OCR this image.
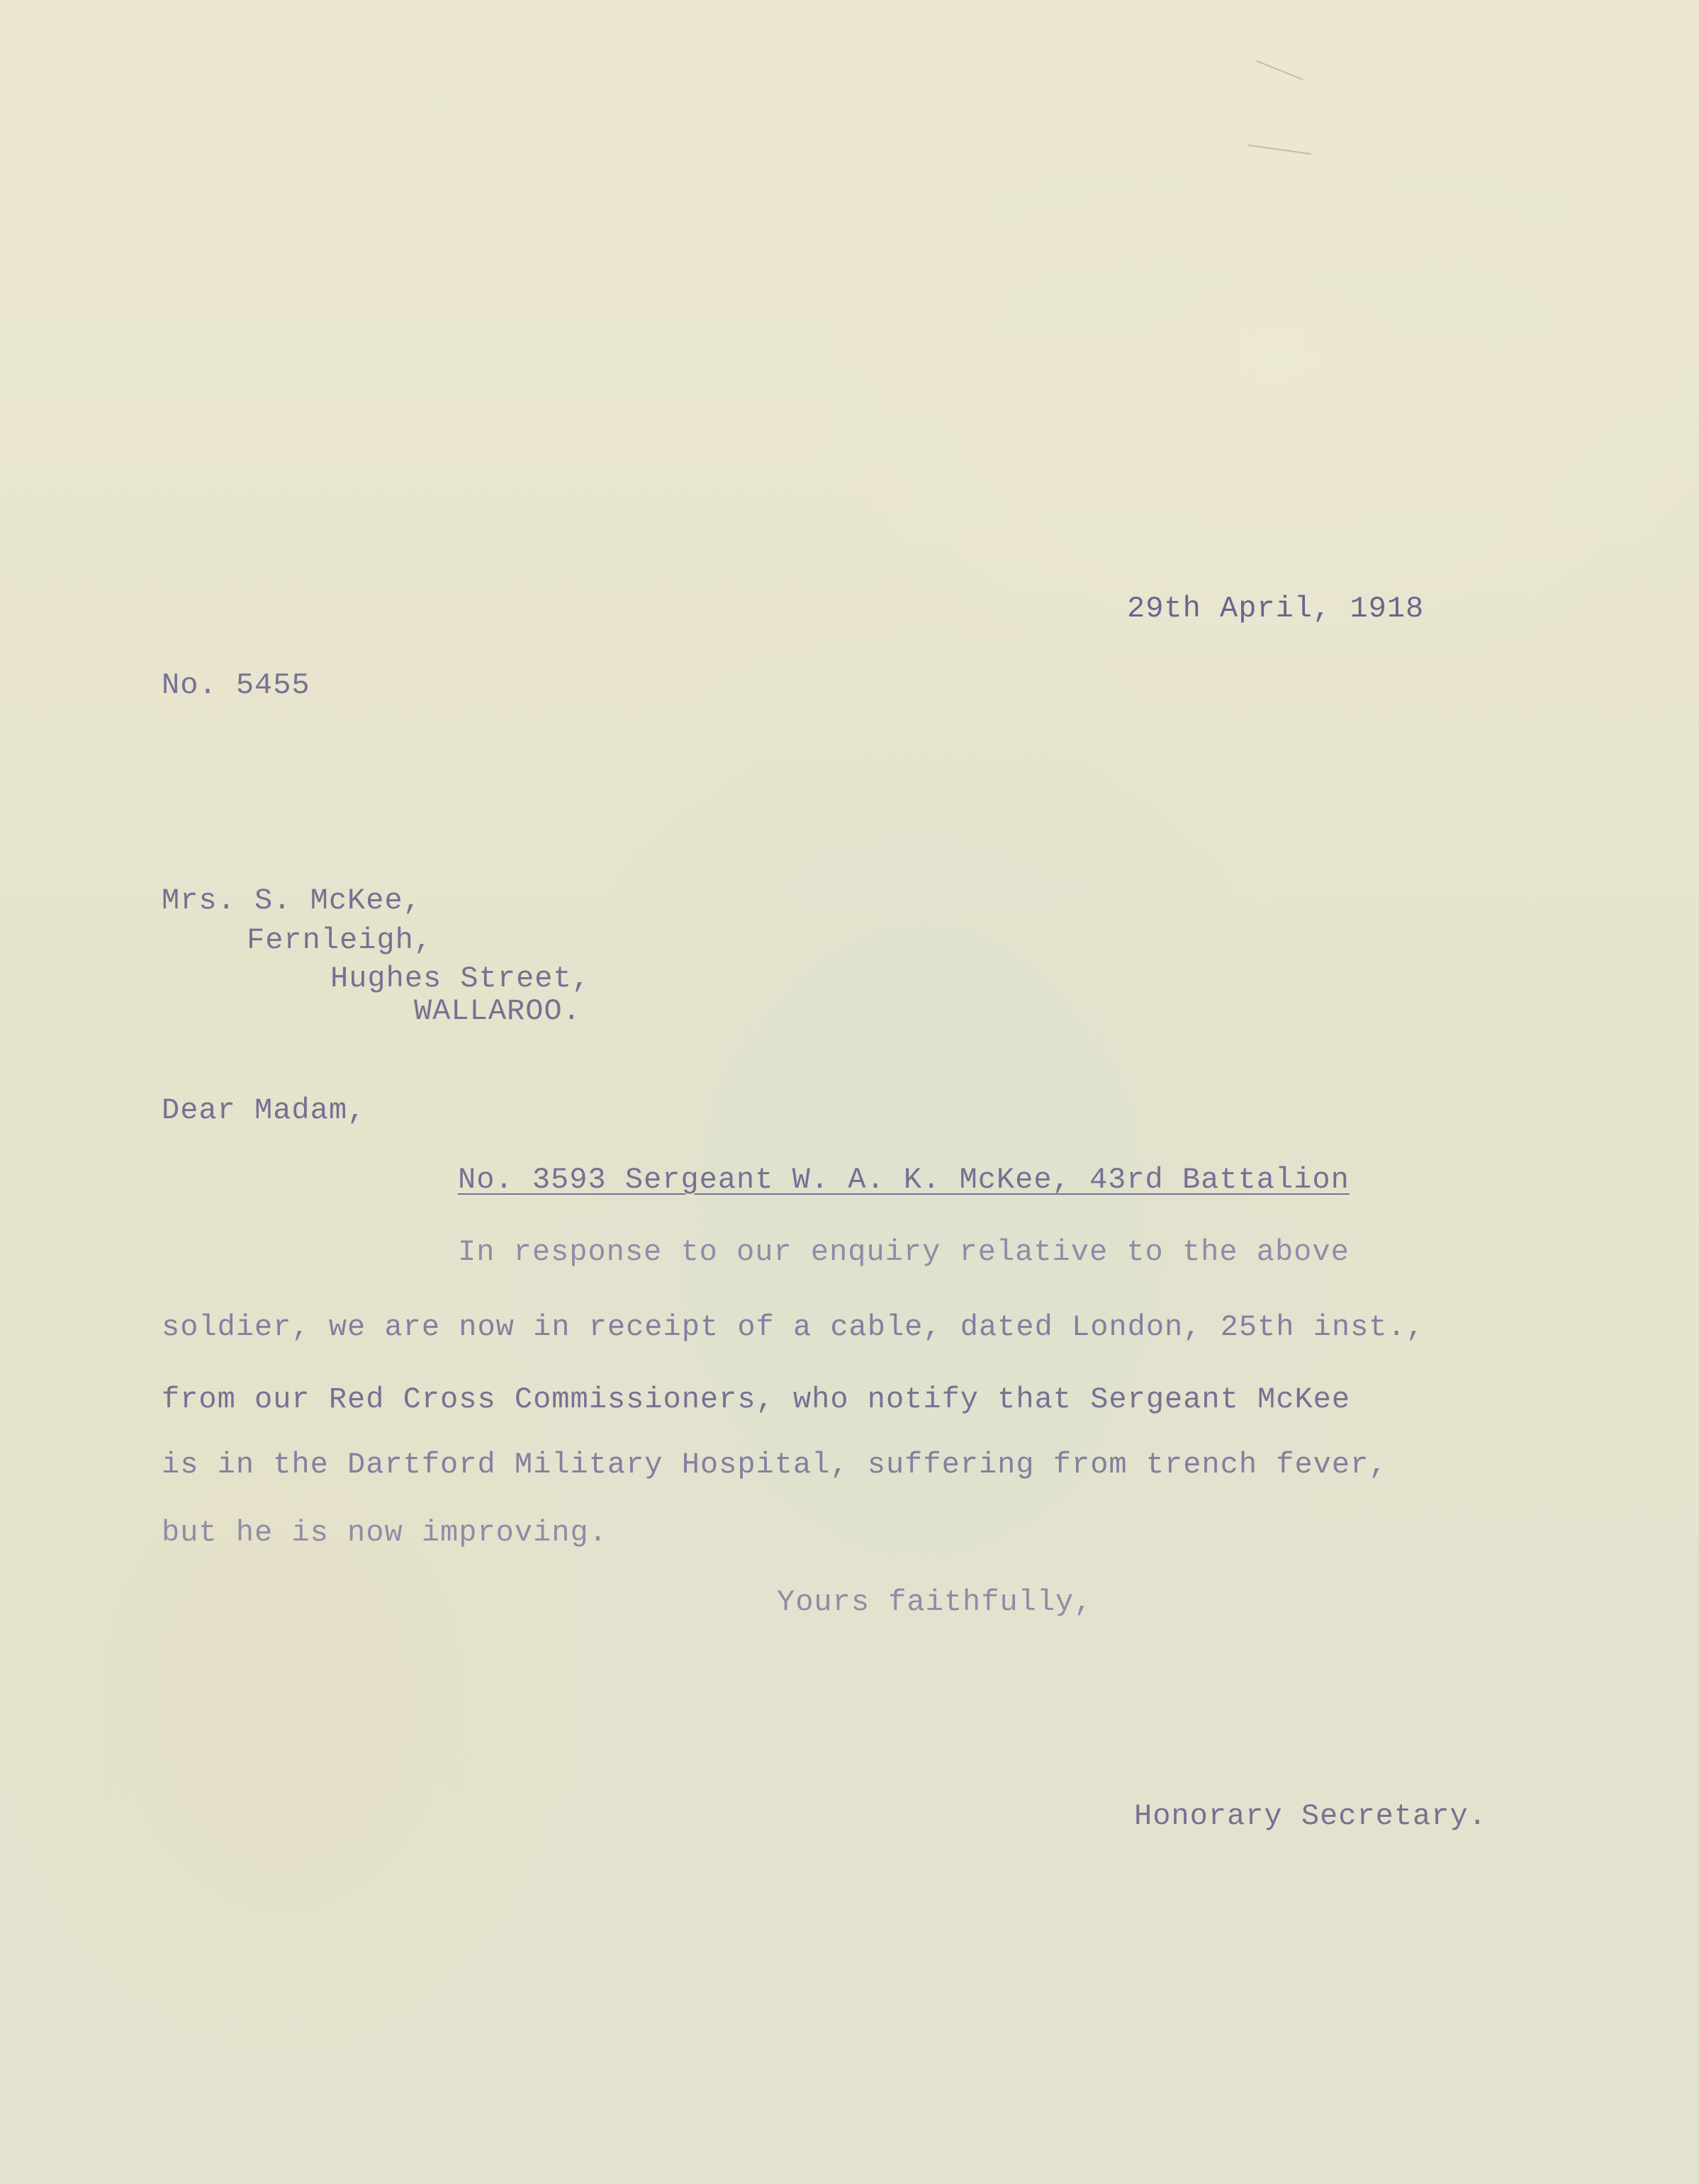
29th April, 1918
No. 5455
Mrs. S. McKee,
Fernleigh,
Hughes Street,
WALLAROO.
Dear Madam,
No. 3593 Sergeant W. A. K. McKee, 43rd Battalion
In response to our enquiry relative to the above
soldier, we are now in receipt of a cable, dated London, 25th inst.,
from our Red Cross Commissioners, who notify that Sergeant McKee
is in the Dartford Military Hospital, suffering from trench fever,
but he is now improving.
Yours faithfully,
Honorary Secretary.
